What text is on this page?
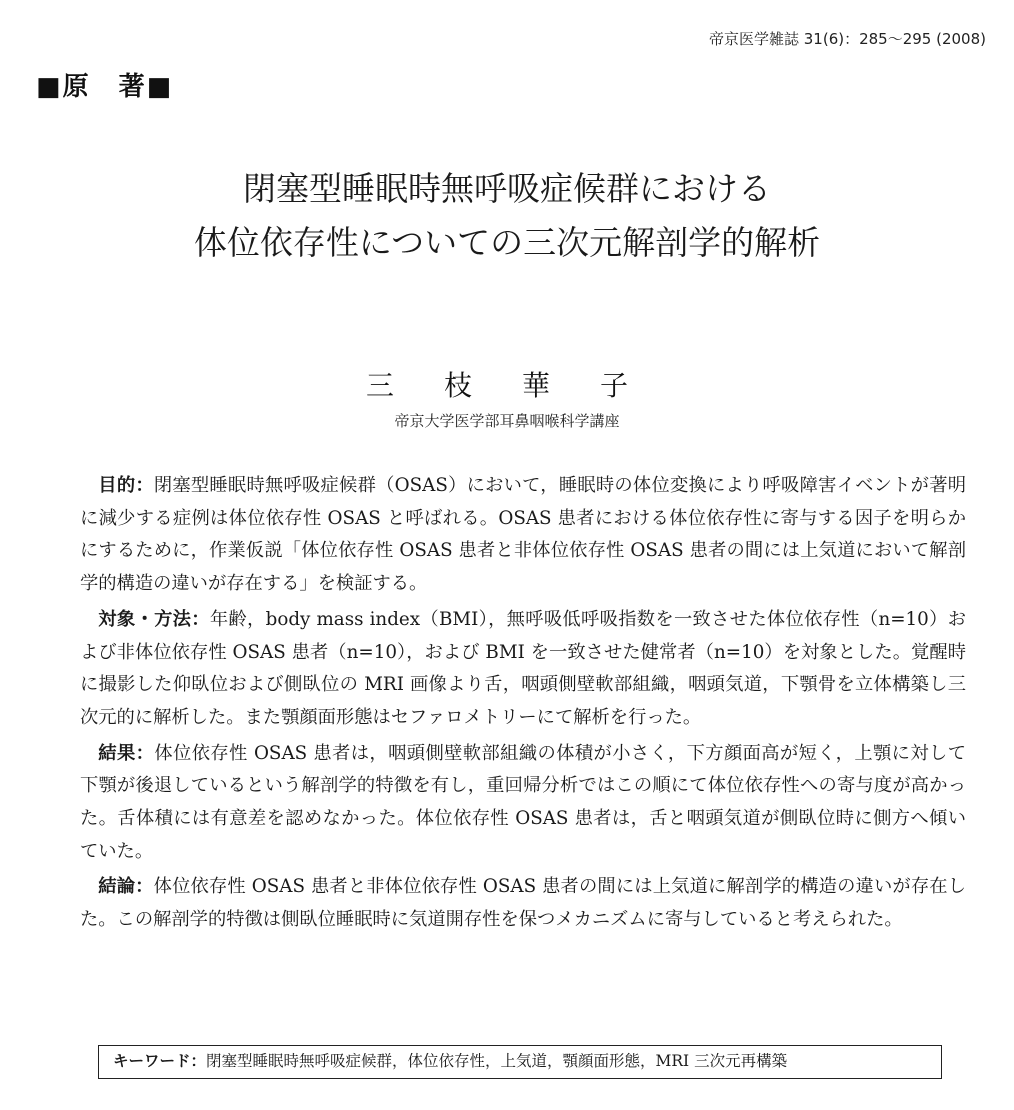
帝京医学雑誌 31(6)：285〜295 (2008)
■原　著■
閉塞型睡眠時無呼吸症候群における
体位依存性についての三次元解剖学的解析
三枝華子
帝京大学医学部耳鼻咽喉科学講座

目的：閉塞型睡眠時無呼吸症候群（OSAS）において，睡眠時の体位変換により呼吸障害イベントが著明に減少する症例は体位依存性 OSAS と呼ばれる。OSAS 患者における体位依存性に寄与する因子を明らかにするために，作業仮説「体位依存性 OSAS 患者と非体位依存性 OSAS 患者の間には上気道において解剖学的構造の違いが存在する」を検証する。

対象・方法：年齢，body mass index（BMI），無呼吸低呼吸指数を一致させた体位依存性（n=10）および非体位依存性 OSAS 患者（n=10），および BMI を一致させた健常者（n=10）を対象とした。覚醒時に撮影した仰臥位および側臥位の MRI 画像より舌，咽頭側壁軟部組織，咽頭気道，下顎骨を立体構築し三次元的に解析した。また顎顔面形態はセファロメトリーにて解析を行った。

結果：体位依存性 OSAS 患者は，咽頭側壁軟部組織の体積が小さく，下方顔面高が短く，上顎に対して下顎が後退しているという解剖学的特徴を有し，重回帰分析ではこの順にて体位依存性への寄与度が高かった。舌体積には有意差を認めなかった。体位依存性 OSAS 患者は，舌と咽頭気道が側臥位時に側方へ傾いていた。

結論：体位依存性 OSAS 患者と非体位依存性 OSAS 患者の間には上気道に解剖学的構造の違いが存在した。この解剖学的特徴は側臥位睡眠時に気道開存性を保つメカニズムに寄与していると考えられた。

キーワード：閉塞型睡眠時無呼吸症候群，体位依存性，上気道，顎顔面形態，MRI 三次元再構築
